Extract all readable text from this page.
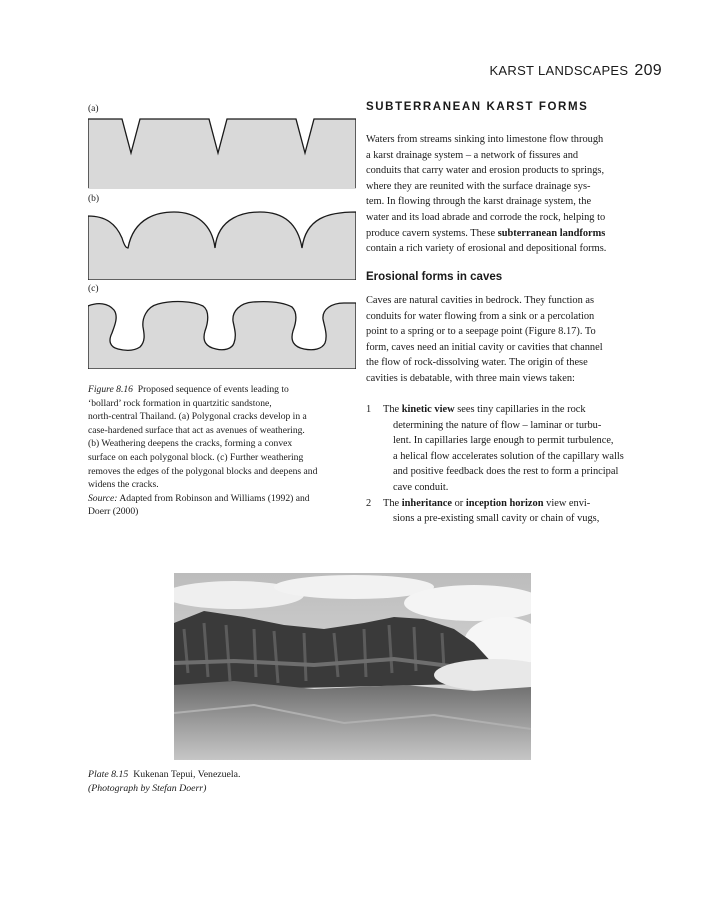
KARST LANDSCAPES 209
(a)
(b)
(c)

Figure 8.16 Proposed sequence of events leading to

‘bollard’ rock formation in quartzitic sandstone,

north-central Thailand. (a) Polygonal cracks develop in a

case-hardened surface that act as avenues of weathering.

(b) Weathering deepens the cracks, forming a convex

surface on each polygonal block. (c) Further weathering

removes the edges of the polygonal blocks and deepens and

widens the cracks.

Source: Adapted from Robinson and Williams (1992) and

Doerr (2000)

SUBTERRANEAN KARST FORMS

Waters from streams sinking into limestone flow through

a karst drainage system – a network of fissures and

conduits that carry water and erosion products to springs,

where they are reunited with the surface drainage sys-

tem. In flowing through the karst drainage system, the

water and its load abrade and corrode the rock, helping to

produce cavern systems. These subterranean landforms

contain a rich variety of erosional and depositional forms.

Erosional forms in caves

Caves are natural cavities in bedrock. They function as

conduits for water flowing from a sink or a percolation

point to a spring or to a seepage point (Figure 8.17). To

form, caves need an initial cavity or cavities that channel

the flow of rock-dissolving water. The origin of these

cavities is debatable, with three main views taken:

1 The kinetic view sees tiny capillaries in the rock

determining the nature of flow – laminar or turbu-

lent. In capillaries large enough to permit turbulence,

a helical flow accelerates solution of the capillary walls

and positive feedback does the rest to form a principal

cave conduit.

2 The inheritance or inception horizon view envi-

sions a pre-existing small cavity or chain of vugs,

Plate 8.15 Kukenan Tepui, Venezuela.
(Photograph by Stefan Doerr)
